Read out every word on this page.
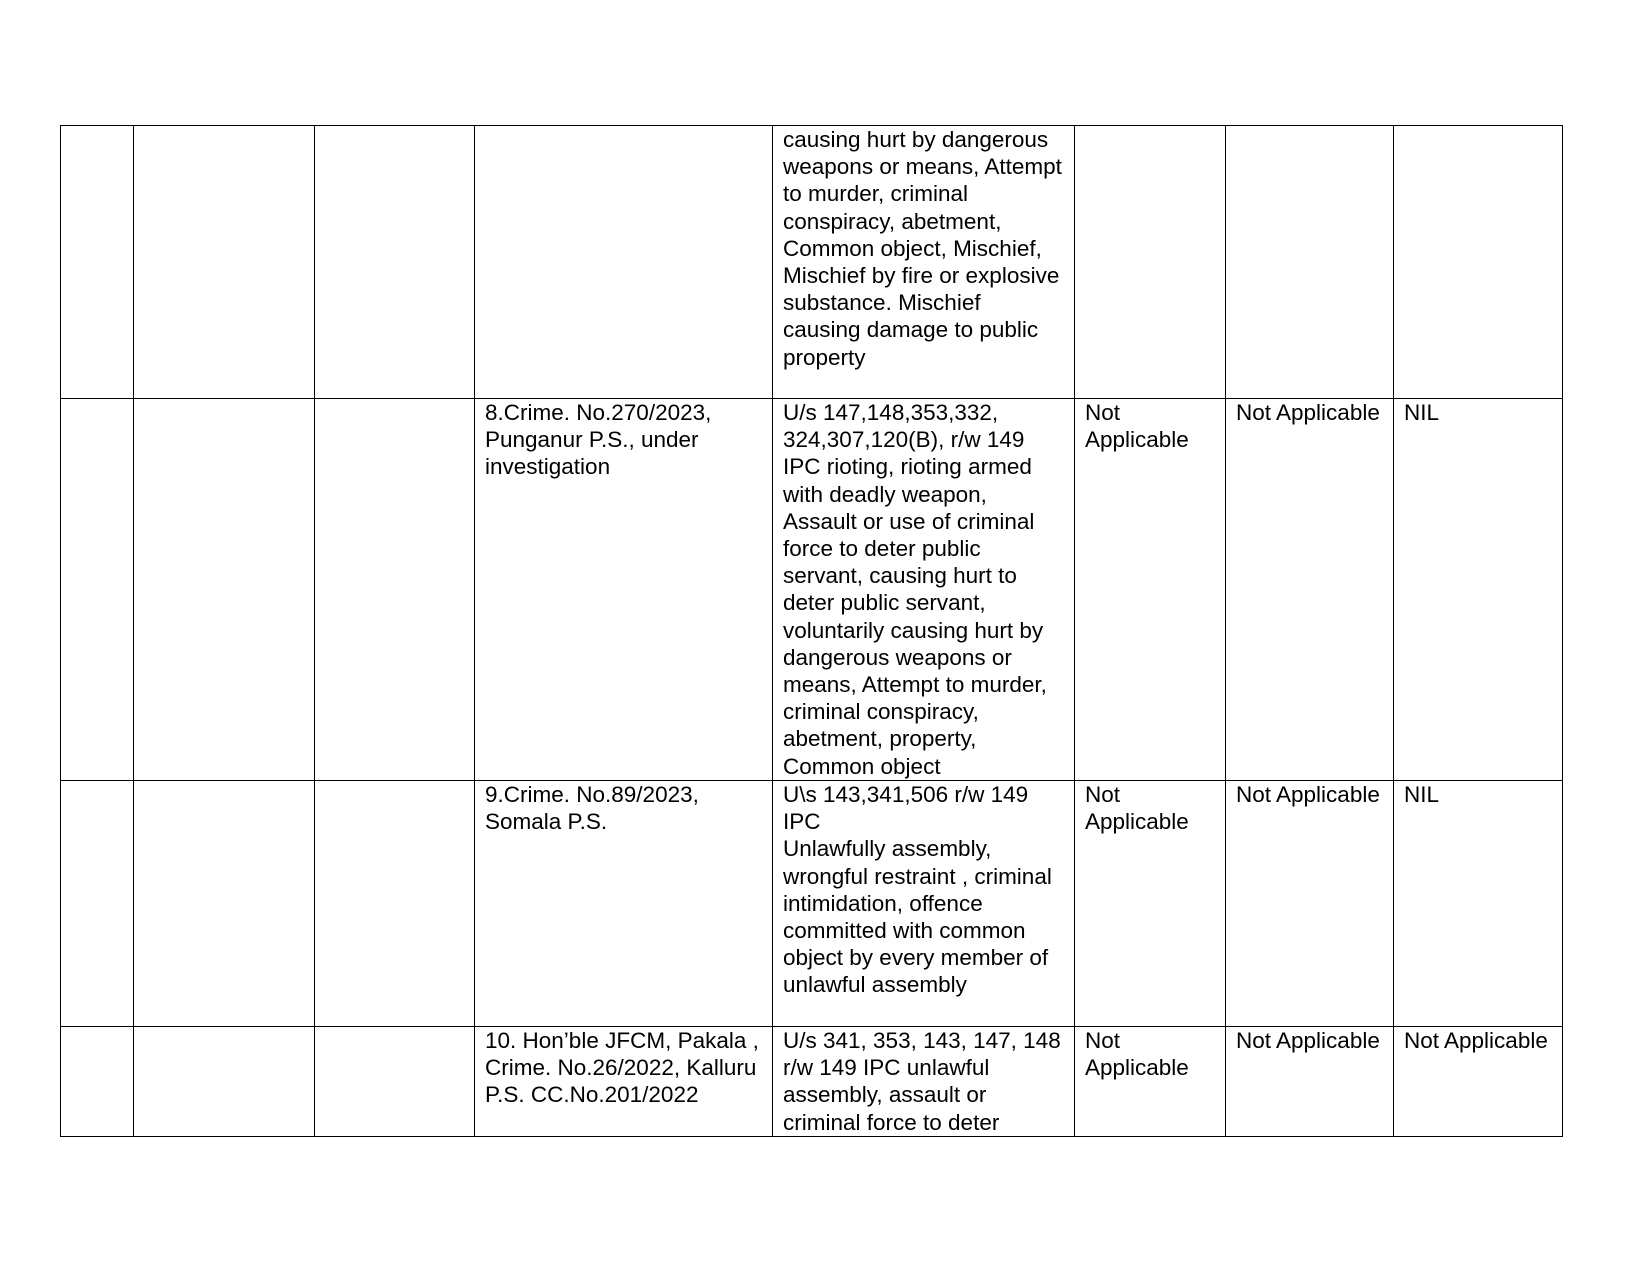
				causing hurt by dangerous weapons or means, Attempt to murder, criminal conspiracy, abetment, Common object, Mischief, Mischief by fire or explosive substance. Mischief causing damage to public property			

			8.Crime. No.270/2023, Punganur P.S., under investigation	U/s 147,148,353,332, 324,307,120(B), r/w 149 IPC rioting, rioting armed with deadly weapon, Assault or use of criminal force to deter public servant, causing hurt to deter public servant, voluntarily causing hurt by dangerous weapons or means, Attempt to murder, criminal conspiracy, abetment, property, Common object	Not Applicable	Not Applicable	NIL

			9.Crime. No.89/2023, Somala P.S.	U\s 143,341,506 r/w 149 IPC
Unlawfully assembly, wrongful restraint , criminal intimidation, offence committed with common object by every member of unlawful assembly	Not Applicable	Not Applicable	NIL

			10. Hon’ble JFCM, Pakala , Crime. No.26/2022, Kalluru P.S. CC.No.201/2022	U/s 341, 353, 143, 147, 148 r/w 149 IPC unlawful assembly, assault or criminal force to deter	Not Applicable	Not Applicable	Not Applicable
